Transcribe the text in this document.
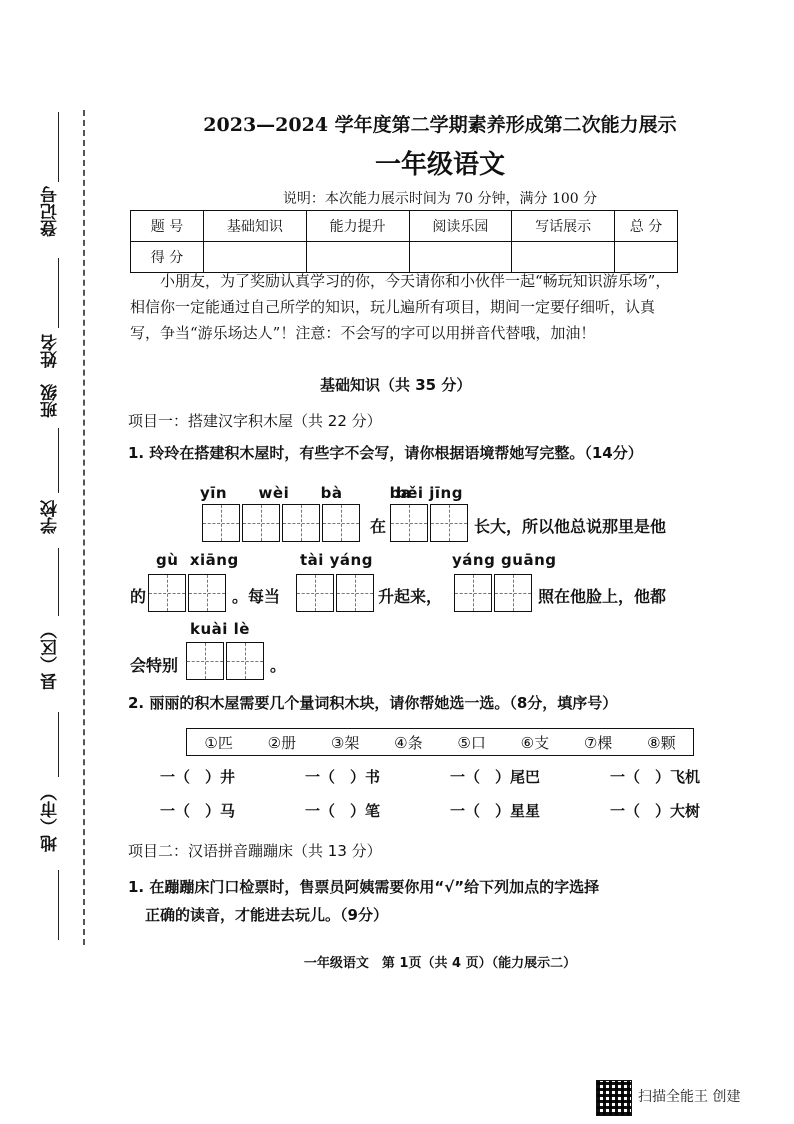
登记号
姓名
班级
学校
县（区）
地（市）
2023—2024 学年度第二学期素养形成第二次能力展示
一年级语文
说明：本次能力展示时间为 70 分钟，满分 100 分
题 号	基础知识	能力提升	阅读乐园	写话展示	总 分
得 分					
小朋友，为了奖励认真学习的你，今天请你和小伙伴一起“畅玩知识游乐场”，相信你一定能通过自己所学的知识，玩儿遍所有项目，期间一定要仔细听，认真写，争当“游乐场达人”！注意：不会写的字可以用拼音代替哦，加油！
基础知识（共 35 分）
项目一：搭建汉字积木屋（共 22 分）
1. 玲玲在搭建积木屋时，有些字不会写，请你根据语境帮她写完整。（14分）
yīn  wèi  bà   ba
běi jīng
在	长大，所以他总说那里是他
gù  xiāng	tài yáng	yáng guāng
的	。每当	升起来，	照在他脸上，他都
kuài lè
会特别	。
2. 丽丽的积木屋需要几个量词积木块，请你帮她选一选。（8分，填序号）
①匹 ②册 ③架 ④条 ⑤口 ⑥支 ⑦棵 ⑧颗
一（　）井	一（　）书	一（　）尾巴	一（　）飞机
一（　）马	一（　）笔	一（　）星星	一（　）大树
项目二：汉语拼音蹦蹦床（共 13 分）
1. 在蹦蹦床门口检票时，售票员阿姨需要你用“√”给下列加点的字选择
正确的读音，才能进去玩儿。（9分）
一年级语文　第 1页（共 4 页）（能力展示二）
扫描全能王 创建
